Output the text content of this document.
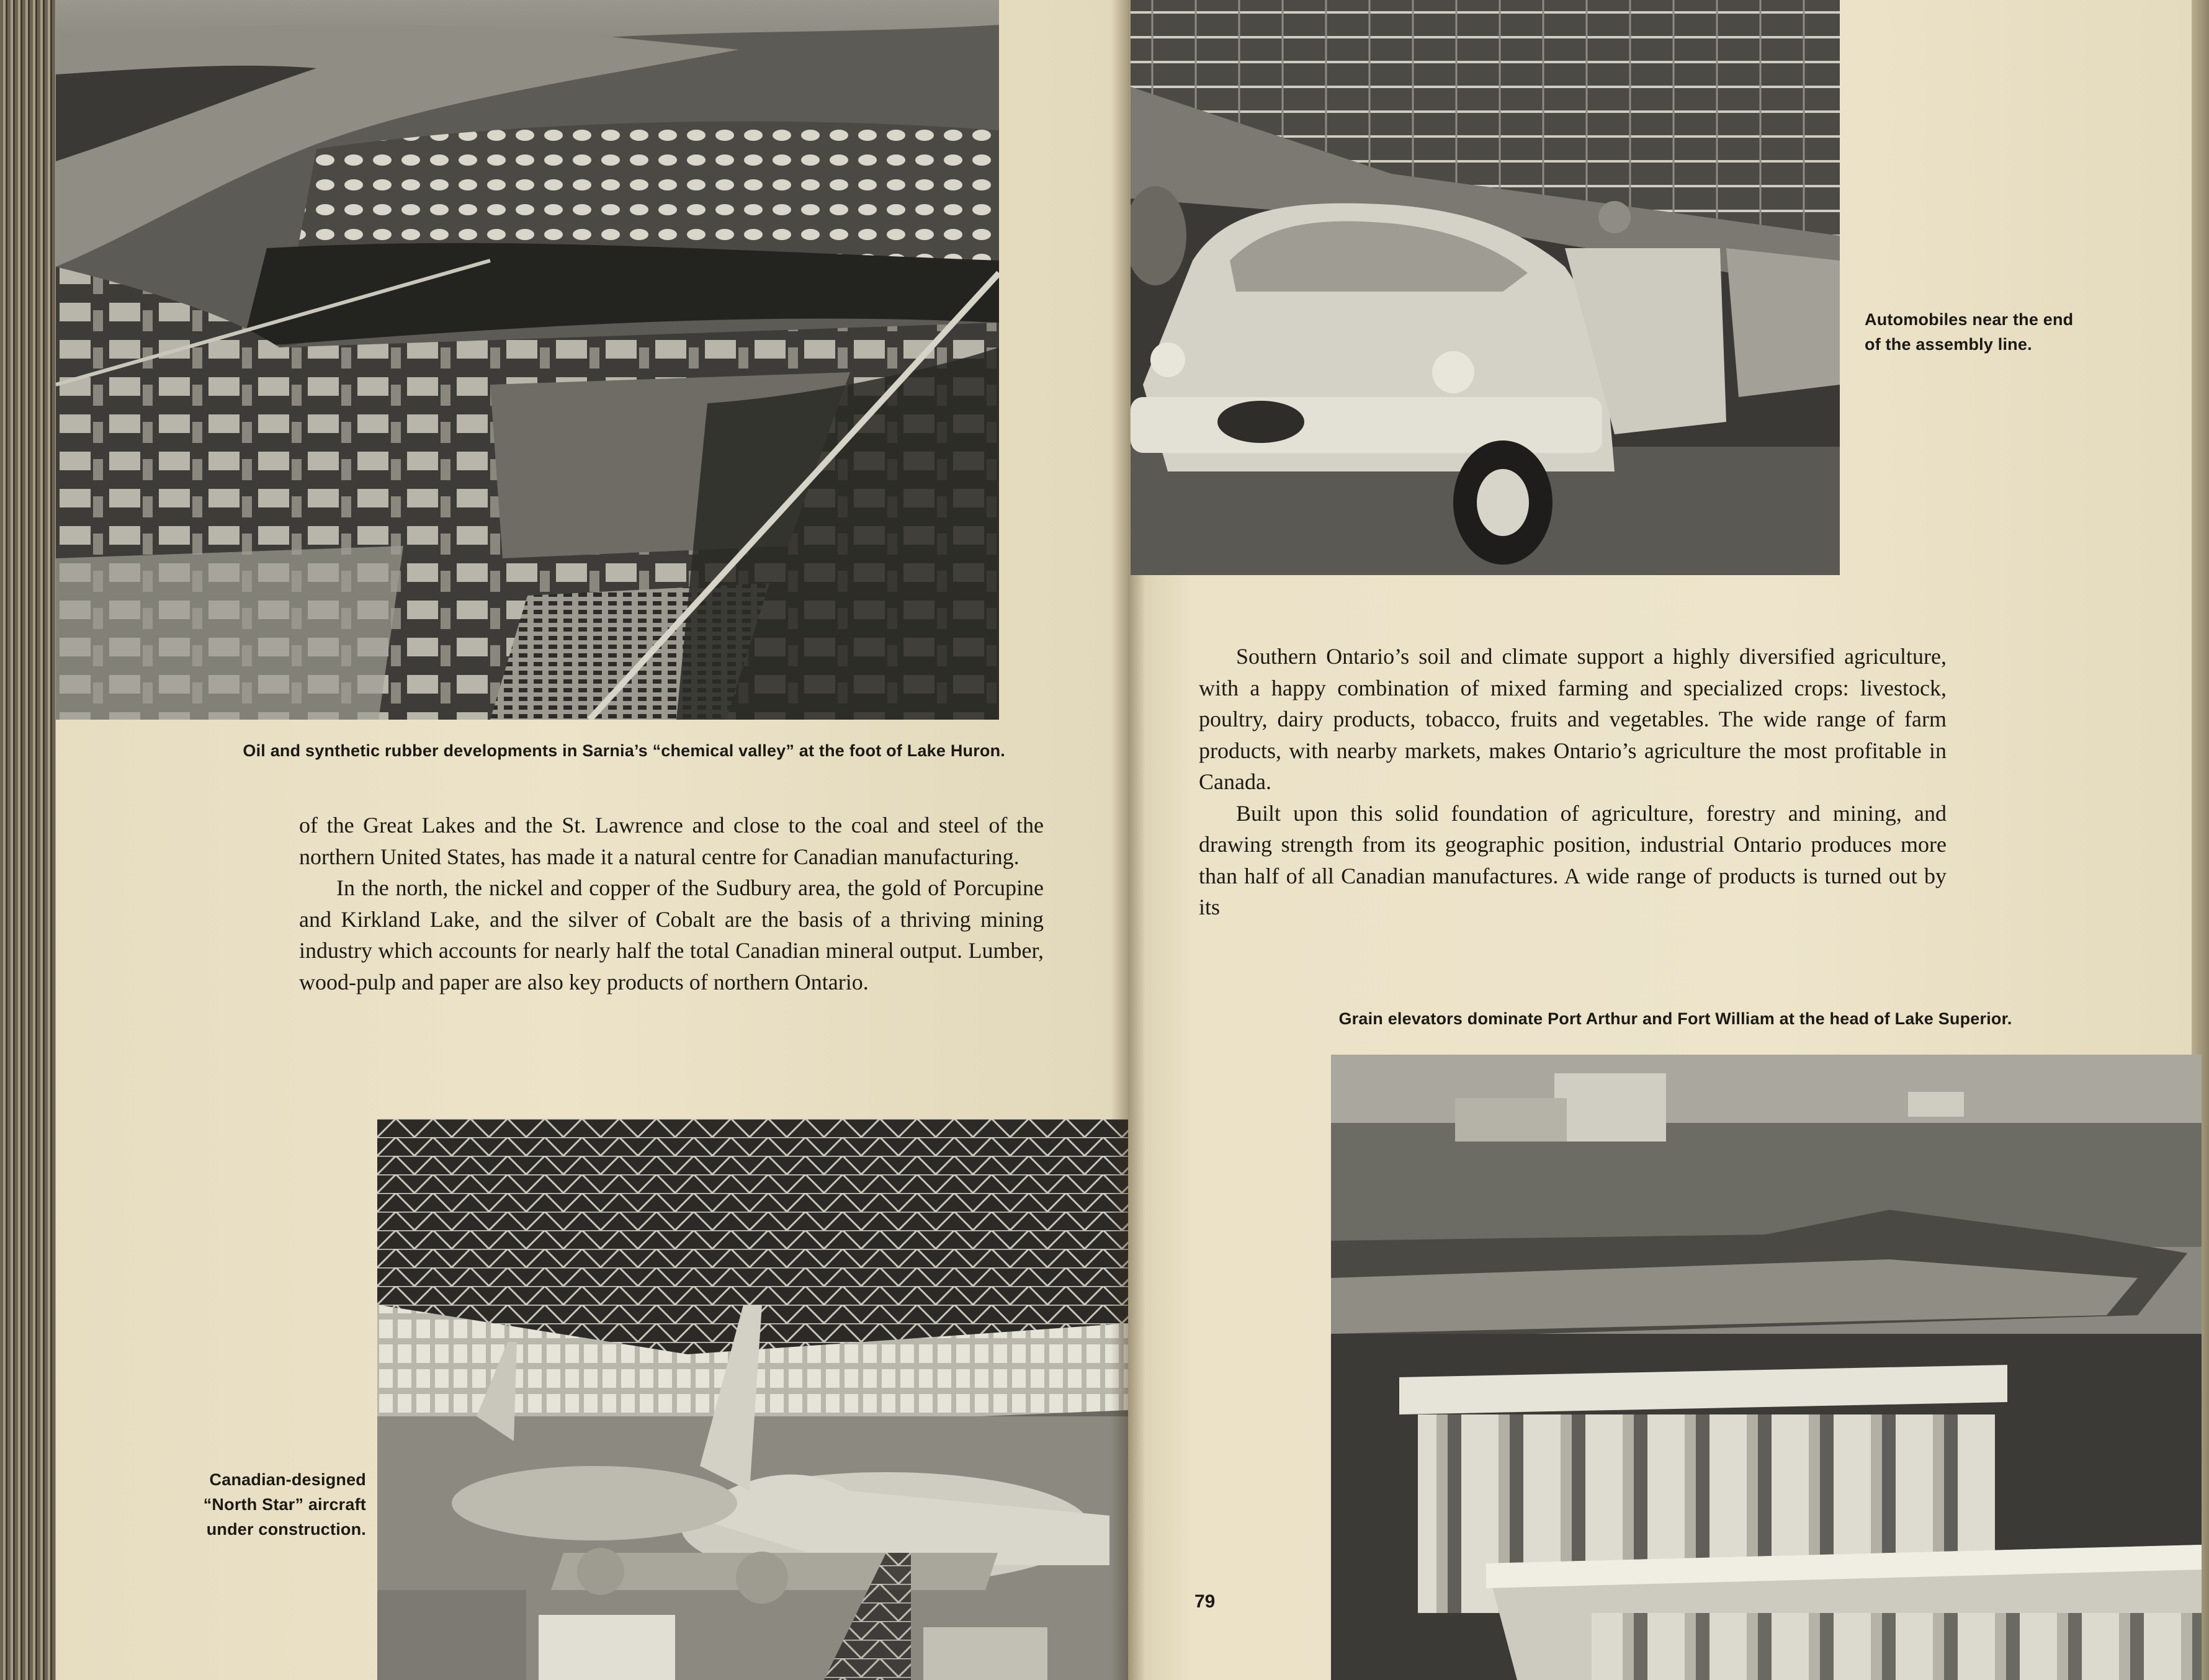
Oil and synthetic rubber developments in Sarnia’s “chemical valley” at the foot of Lake Huron.

of the Great Lakes and the St. Lawrence and close to the coal and steel of the northern United States, has made it a natural centre for Canadian manufacturing.

In the north, the nickel and copper of the Sudbury area, the gold of Porcupine and Kirkland Lake, and the silver of Cobalt are the basis of a thriving mining industry which accounts for nearly half the total Canadian mineral output. Lumber, wood-pulp and paper are also key products of northern Ontario.

Canadian-designed “North Star” aircraft under construction.
Automobiles near the end of the assembly line.

Southern Ontario’s soil and climate support a highly diversified agriculture, with a happy combination of mixed farming and specialized crops: livestock, poultry, dairy products, tobacco, fruits and vegetables. The wide range of farm products, with nearby markets, makes Ontario’s agriculture the most profitable in Canada.

Built upon this solid foundation of agriculture, forestry and mining, and drawing strength from its geographic position, industrial Ontario produces more than half of all Canadian manufactures. A wide range of products is turned out by its

Grain elevators dominate Port Arthur and Fort William at the head of Lake Superior.
79
